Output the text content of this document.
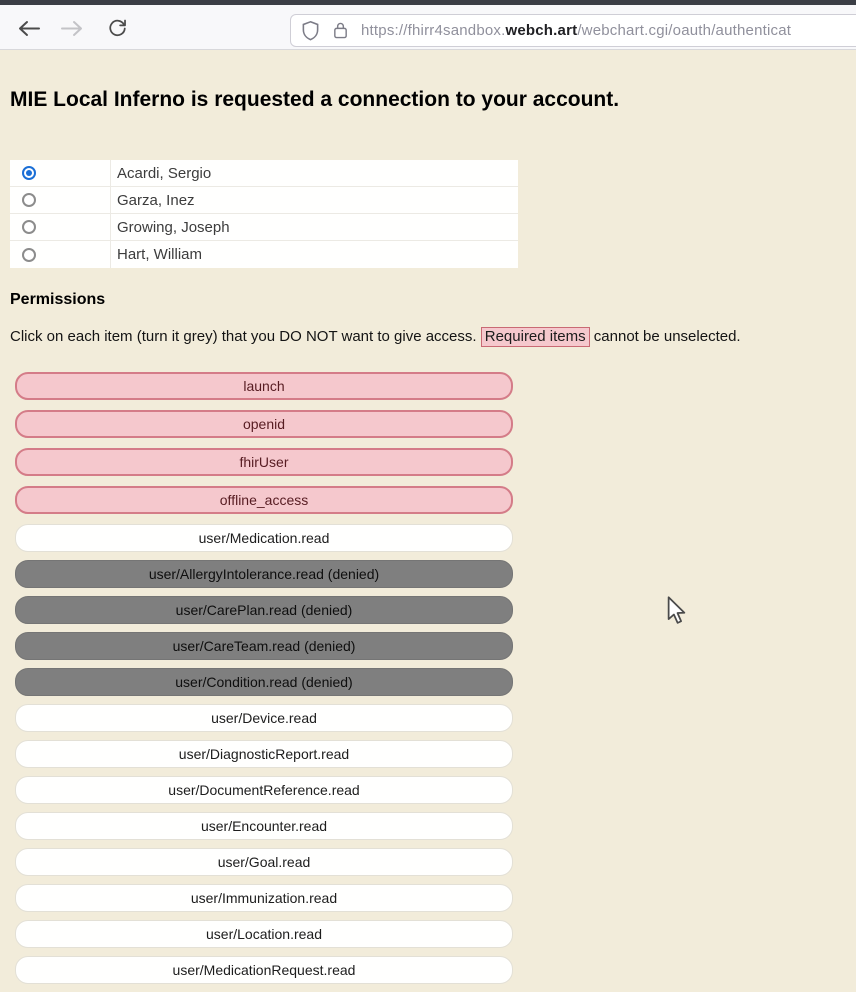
https://fhirr4sandbox.webch.art/webchart.cgi/oauth/authenticat
MIE Local Inferno is requested a connection to your account.
Acardi, Sergio
Garza, Inez
Growing, Joseph
Hart, William
Permissions

Click on each item (turn it grey) that you DO NOT want to give access. Required items cannot be unselected.

launch
openid
fhirUser
offline_access
user/Medication.read
user/AllergyIntolerance.read (denied)
user/CarePlan.read (denied)
user/CareTeam.read (denied)
user/Condition.read (denied)
user/Device.read
user/DiagnosticReport.read
user/DocumentReference.read
user/Encounter.read
user/Goal.read
user/Immunization.read
user/Location.read
user/MedicationRequest.read
